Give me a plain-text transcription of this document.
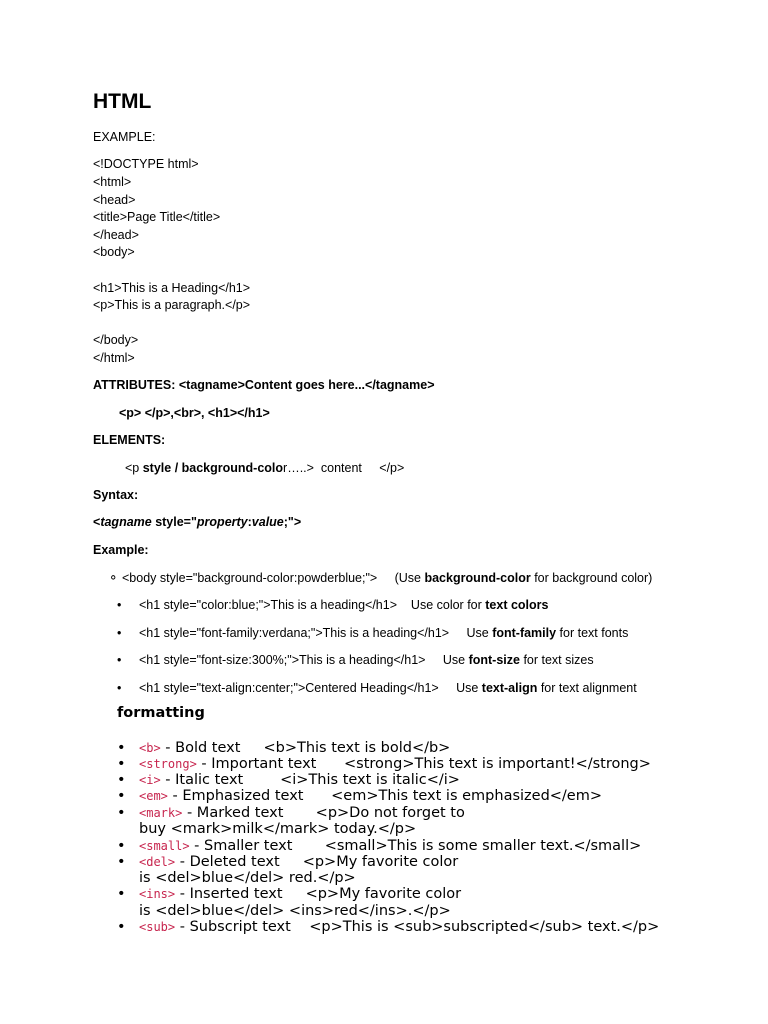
HTML
EXAMPLE:
<!DOCTYPE html>
<html>
<head>
<title>Page Title</title>
</head>
<body>
<h1>This is a Heading</h1>
<p>This is a paragraph.</p>
</body>
</html>
ATTRIBUTES: <tagname>Content goes here...</tagname>
<p> </p>,<br>, <h1></h1>
ELEMENTS:
<p style / background-color…..>  content     </p>
Syntax:
<tagname style="property:value;">
Example:
⚬ <body style="background-color:powderblue;"> (Use background-color for background color)
• <h1 style="color:blue;">This is a heading</h1> Use color for text colors
• <h1 style="font-family:verdana;">This is a heading</h1> Use font-family for text fonts
• <h1 style="font-size:300%;">This is a heading</h1> Use font-size for text sizes
• <h1 style="text-align:center;">Centered Heading</h1> Use text-align for text alignment
formatting
• <b> - Bold text     <b>This text is bold</b>
• <strong> - Important text      <strong>This text is important!</strong>
• <i> - Italic text        <i>This text is italic</i>
• <em> - Emphasized text      <em>This text is emphasized</em>
• <mark> - Marked text       <p>Do not forget to
buy <mark>milk</mark> today.</p>
• <small> - Smaller text       <small>This is some smaller text.</small>
• <del> - Deleted text     <p>My favorite color
is <del>blue</del> red.</p>
• <ins> - Inserted text     <p>My favorite color
is <del>blue</del> <ins>red</ins>.</p>
• <sub> - Subscript text    <p>This is <sub>subscripted</sub> text.</p>
